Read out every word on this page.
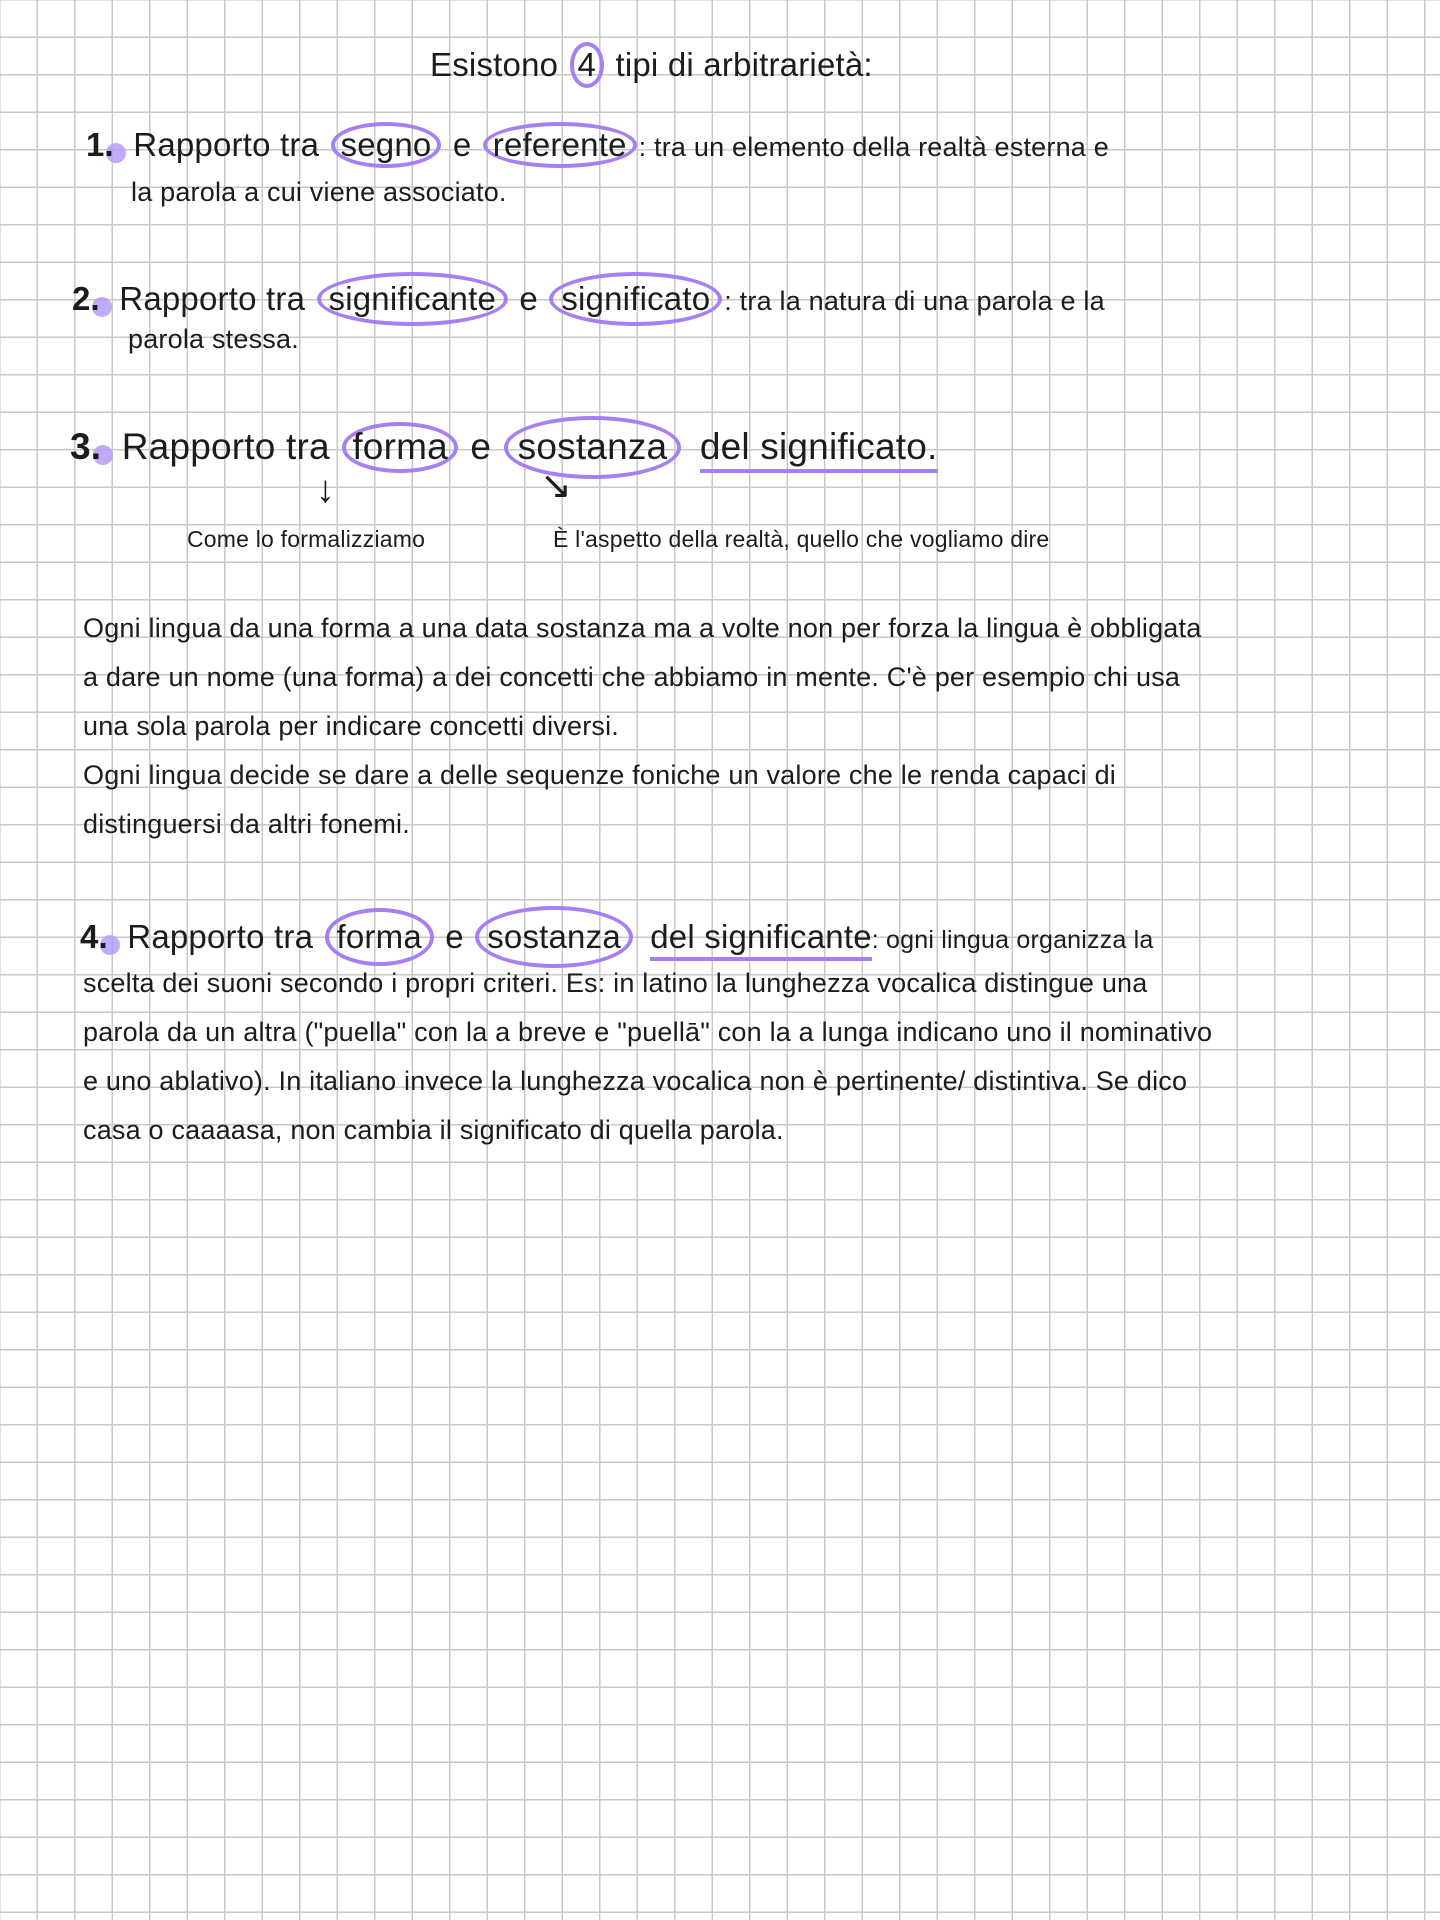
Esistono 4 tipi di arbitrarietà:
1. Rapporto tra segno e referente : tra un elemento della realtà esterna e
la parola a cui viene associato.
2. Rapporto tra significante e significato : tra la natura di una parola e la
parola stessa.
3. Rapporto tra forma e sostanza del significato.
↓	↘
Come lo formalizziamo	È l'aspetto della realtà, quello che vogliamo dire
Ogni lingua da una forma a una data sostanza ma a volte non per forza la lingua è obbligata
a dare un nome (una forma) a dei concetti che abbiamo in mente. C'è per esempio chi usa
una sola parola per indicare concetti diversi.
Ogni lingua decide se dare a delle sequenze foniche un valore che le renda capaci di
distinguersi da altri fonemi.
4. Rapporto tra forma e sostanza del significante: ogni lingua organizza la
scelta dei suoni secondo i propri criteri. Es: in latino la lunghezza vocalica distingue una
parola da un altra ("puella" con la a breve e "puellā" con la a lunga indicano uno il nominativo
e uno ablativo). In italiano invece la lunghezza vocalica non è pertinente/ distintiva. Se dico
casa o caaaasa, non cambia il significato di quella parola.
